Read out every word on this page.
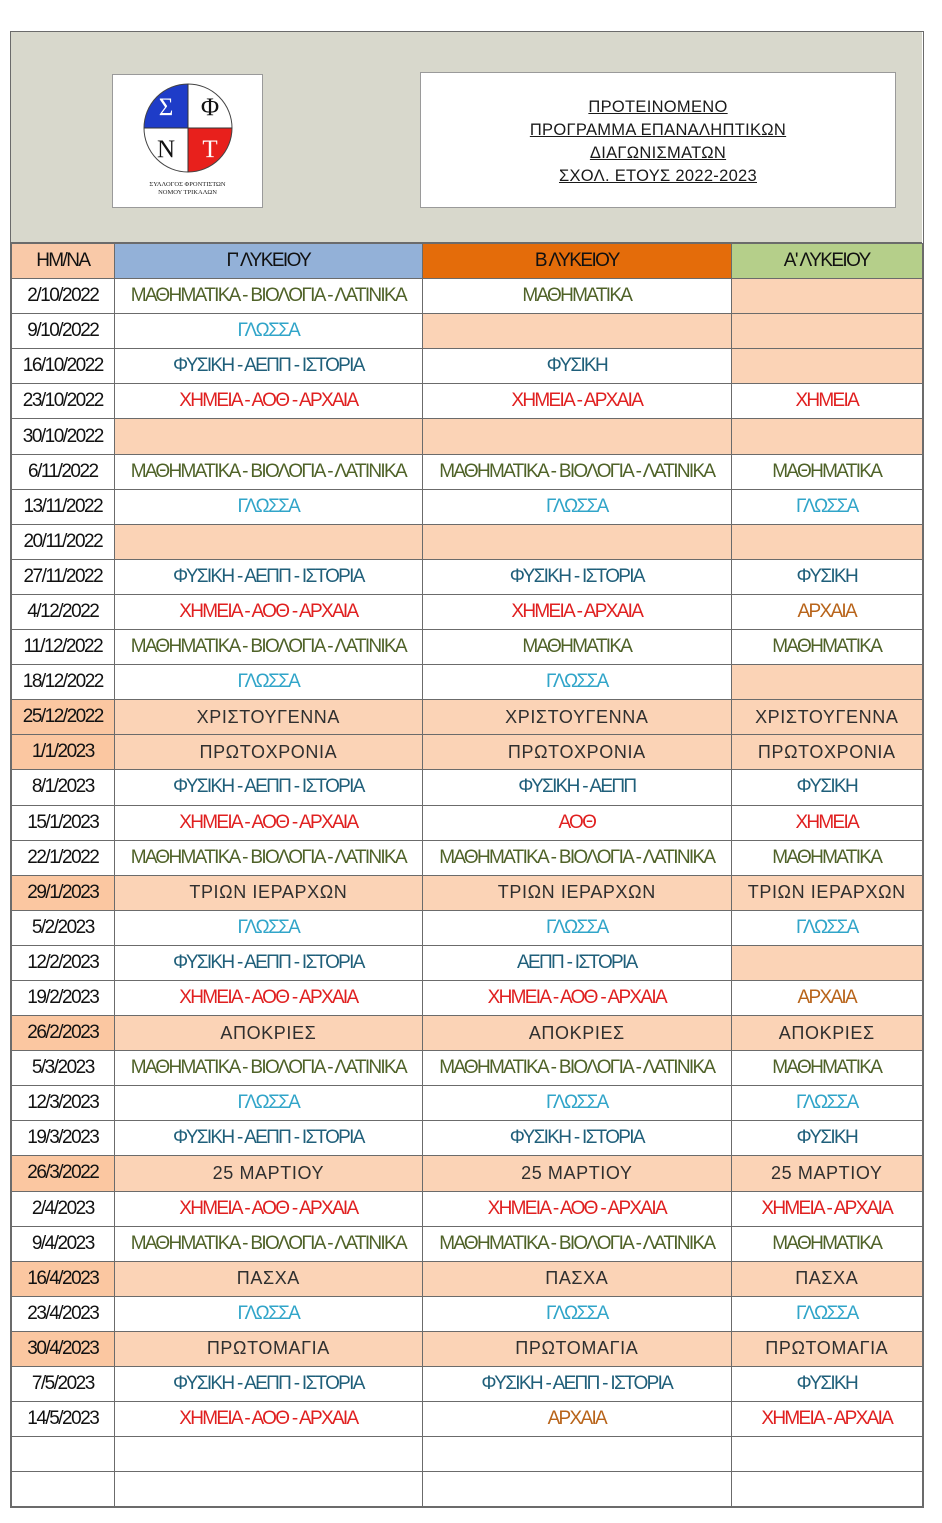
Σ Φ
Ν Τ
ΣΥΛΛΟΓΟΣ ΦΡΟΝΤΙΣΤΩΝ
ΝΟΜΟΥ ΤΡΙΚΑΛΩΝ
ΠΡΟΤΕΙΝΟΜΕΝΟ
ΠΡΟΓΡΑΜΜΑ ΕΠΑΝΑΛΗΠΤΙΚΩΝ
ΔΙΑΓΩΝΙΣΜΑΤΩΝ
ΣΧΟΛ. ΕΤΟΥΣ 2022-2023
ΗΜ/ΝΑ	Γ' ΛΥΚΕΙΟΥ	Β ΛΥΚΕΙΟΥ	Α' ΛΥΚΕΙΟΥ
2/10/2022	ΜΑΘΗΜΑΤΙΚΑ - ΒΙΟΛΟΓΙΑ - ΛΑΤΙΝΙΚΑ	ΜΑΘΗΜΑΤΙΚΑ	
9/10/2022	ΓΛΩΣΣΑ		
16/10/2022	ΦΥΣΙΚΗ - ΑΕΠΠ - ΙΣΤΟΡΙΑ	ΦΥΣΙΚΗ	
23/10/2022	ΧΗΜΕΙΑ - ΑΟΘ - ΑΡΧΑΙΑ	ΧΗΜΕΙΑ - ΑΡΧΑΙΑ	ΧΗΜΕΙΑ
30/10/2022			
6/11/2022	ΜΑΘΗΜΑΤΙΚΑ - ΒΙΟΛΟΓΙΑ - ΛΑΤΙΝΙΚΑ	ΜΑΘΗΜΑΤΙΚΑ - ΒΙΟΛΟΓΙΑ - ΛΑΤΙΝΙΚΑ	ΜΑΘΗΜΑΤΙΚΑ
13/11/2022	ΓΛΩΣΣΑ	ΓΛΩΣΣΑ	ΓΛΩΣΣΑ
20/11/2022			
27/11/2022	ΦΥΣΙΚΗ - ΑΕΠΠ - ΙΣΤΟΡΙΑ	ΦΥΣΙΚΗ - ΙΣΤΟΡΙΑ	ΦΥΣΙΚΗ
4/12/2022	ΧΗΜΕΙΑ - ΑΟΘ - ΑΡΧΑΙΑ	ΧΗΜΕΙΑ - ΑΡΧΑΙΑ	ΑΡΧΑΙΑ
11/12/2022	ΜΑΘΗΜΑΤΙΚΑ - ΒΙΟΛΟΓΙΑ - ΛΑΤΙΝΙΚΑ	ΜΑΘΗΜΑΤΙΚΑ	ΜΑΘΗΜΑΤΙΚΑ
18/12/2022	ΓΛΩΣΣΑ	ΓΛΩΣΣΑ	
25/12/2022	ΧΡΙΣΤΟΥΓΕΝΝΑ	ΧΡΙΣΤΟΥΓΕΝΝΑ	ΧΡΙΣΤΟΥΓΕΝΝΑ
1/1/2023	ΠΡΩΤΟΧΡΟΝΙΑ	ΠΡΩΤΟΧΡΟΝΙΑ	ΠΡΩΤΟΧΡΟΝΙΑ
8/1/2023	ΦΥΣΙΚΗ - ΑΕΠΠ - ΙΣΤΟΡΙΑ	ΦΥΣΙΚΗ - ΑΕΠΠ	ΦΥΣΙΚΗ
15/1/2023	ΧΗΜΕΙΑ - ΑΟΘ - ΑΡΧΑΙΑ	ΑΟΘ	ΧΗΜΕΙΑ
22/1/2022	ΜΑΘΗΜΑΤΙΚΑ - ΒΙΟΛΟΓΙΑ - ΛΑΤΙΝΙΚΑ	ΜΑΘΗΜΑΤΙΚΑ - ΒΙΟΛΟΓΙΑ - ΛΑΤΙΝΙΚΑ	ΜΑΘΗΜΑΤΙΚΑ
29/1/2023	ΤΡΙΩΝ ΙΕΡΑΡΧΩΝ	ΤΡΙΩΝ ΙΕΡΑΡΧΩΝ	ΤΡΙΩΝ ΙΕΡΑΡΧΩΝ
5/2/2023	ΓΛΩΣΣΑ	ΓΛΩΣΣΑ	ΓΛΩΣΣΑ
12/2/2023	ΦΥΣΙΚΗ - ΑΕΠΠ - ΙΣΤΟΡΙΑ	ΑΕΠΠ - ΙΣΤΟΡΙΑ	
19/2/2023	ΧΗΜΕΙΑ - ΑΟΘ - ΑΡΧΑΙΑ	ΧΗΜΕΙΑ - ΑΟΘ - ΑΡΧΑΙΑ	ΑΡΧΑΙΑ
26/2/2023	ΑΠΟΚΡΙΕΣ	ΑΠΟΚΡΙΕΣ	ΑΠΟΚΡΙΕΣ
5/3/2023	ΜΑΘΗΜΑΤΙΚΑ - ΒΙΟΛΟΓΙΑ - ΛΑΤΙΝΙΚΑ	ΜΑΘΗΜΑΤΙΚΑ - ΒΙΟΛΟΓΙΑ - ΛΑΤΙΝΙΚΑ	ΜΑΘΗΜΑΤΙΚΑ
12/3/2023	ΓΛΩΣΣΑ	ΓΛΩΣΣΑ	ΓΛΩΣΣΑ
19/3/2023	ΦΥΣΙΚΗ - ΑΕΠΠ - ΙΣΤΟΡΙΑ	ΦΥΣΙΚΗ - ΙΣΤΟΡΙΑ	ΦΥΣΙΚΗ
26/3/2022	25 ΜΑΡΤΙΟΥ	25 ΜΑΡΤΙΟΥ	25 ΜΑΡΤΙΟΥ
2/4/2023	ΧΗΜΕΙΑ - ΑΟΘ - ΑΡΧΑΙΑ	ΧΗΜΕΙΑ - ΑΟΘ - ΑΡΧΑΙΑ	ΧΗΜΕΙΑ - ΑΡΧΑΙΑ
9/4/2023	ΜΑΘΗΜΑΤΙΚΑ - ΒΙΟΛΟΓΙΑ - ΛΑΤΙΝΙΚΑ	ΜΑΘΗΜΑΤΙΚΑ - ΒΙΟΛΟΓΙΑ - ΛΑΤΙΝΙΚΑ	ΜΑΘΗΜΑΤΙΚΑ
16/4/2023	ΠΑΣΧΑ	ΠΑΣΧΑ	ΠΑΣΧΑ
23/4/2023	ΓΛΩΣΣΑ	ΓΛΩΣΣΑ	ΓΛΩΣΣΑ
30/4/2023	ΠΡΩΤΟΜΑΓΙΑ	ΠΡΩΤΟΜΑΓΙΑ	ΠΡΩΤΟΜΑΓΙΑ
7/5/2023	ΦΥΣΙΚΗ - ΑΕΠΠ - ΙΣΤΟΡΙΑ	ΦΥΣΙΚΗ - ΑΕΠΠ - ΙΣΤΟΡΙΑ	ΦΥΣΙΚΗ
14/5/2023	ΧΗΜΕΙΑ - ΑΟΘ - ΑΡΧΑΙΑ	ΑΡΧΑΙΑ	ΧΗΜΕΙΑ - ΑΡΧΑΙΑ
